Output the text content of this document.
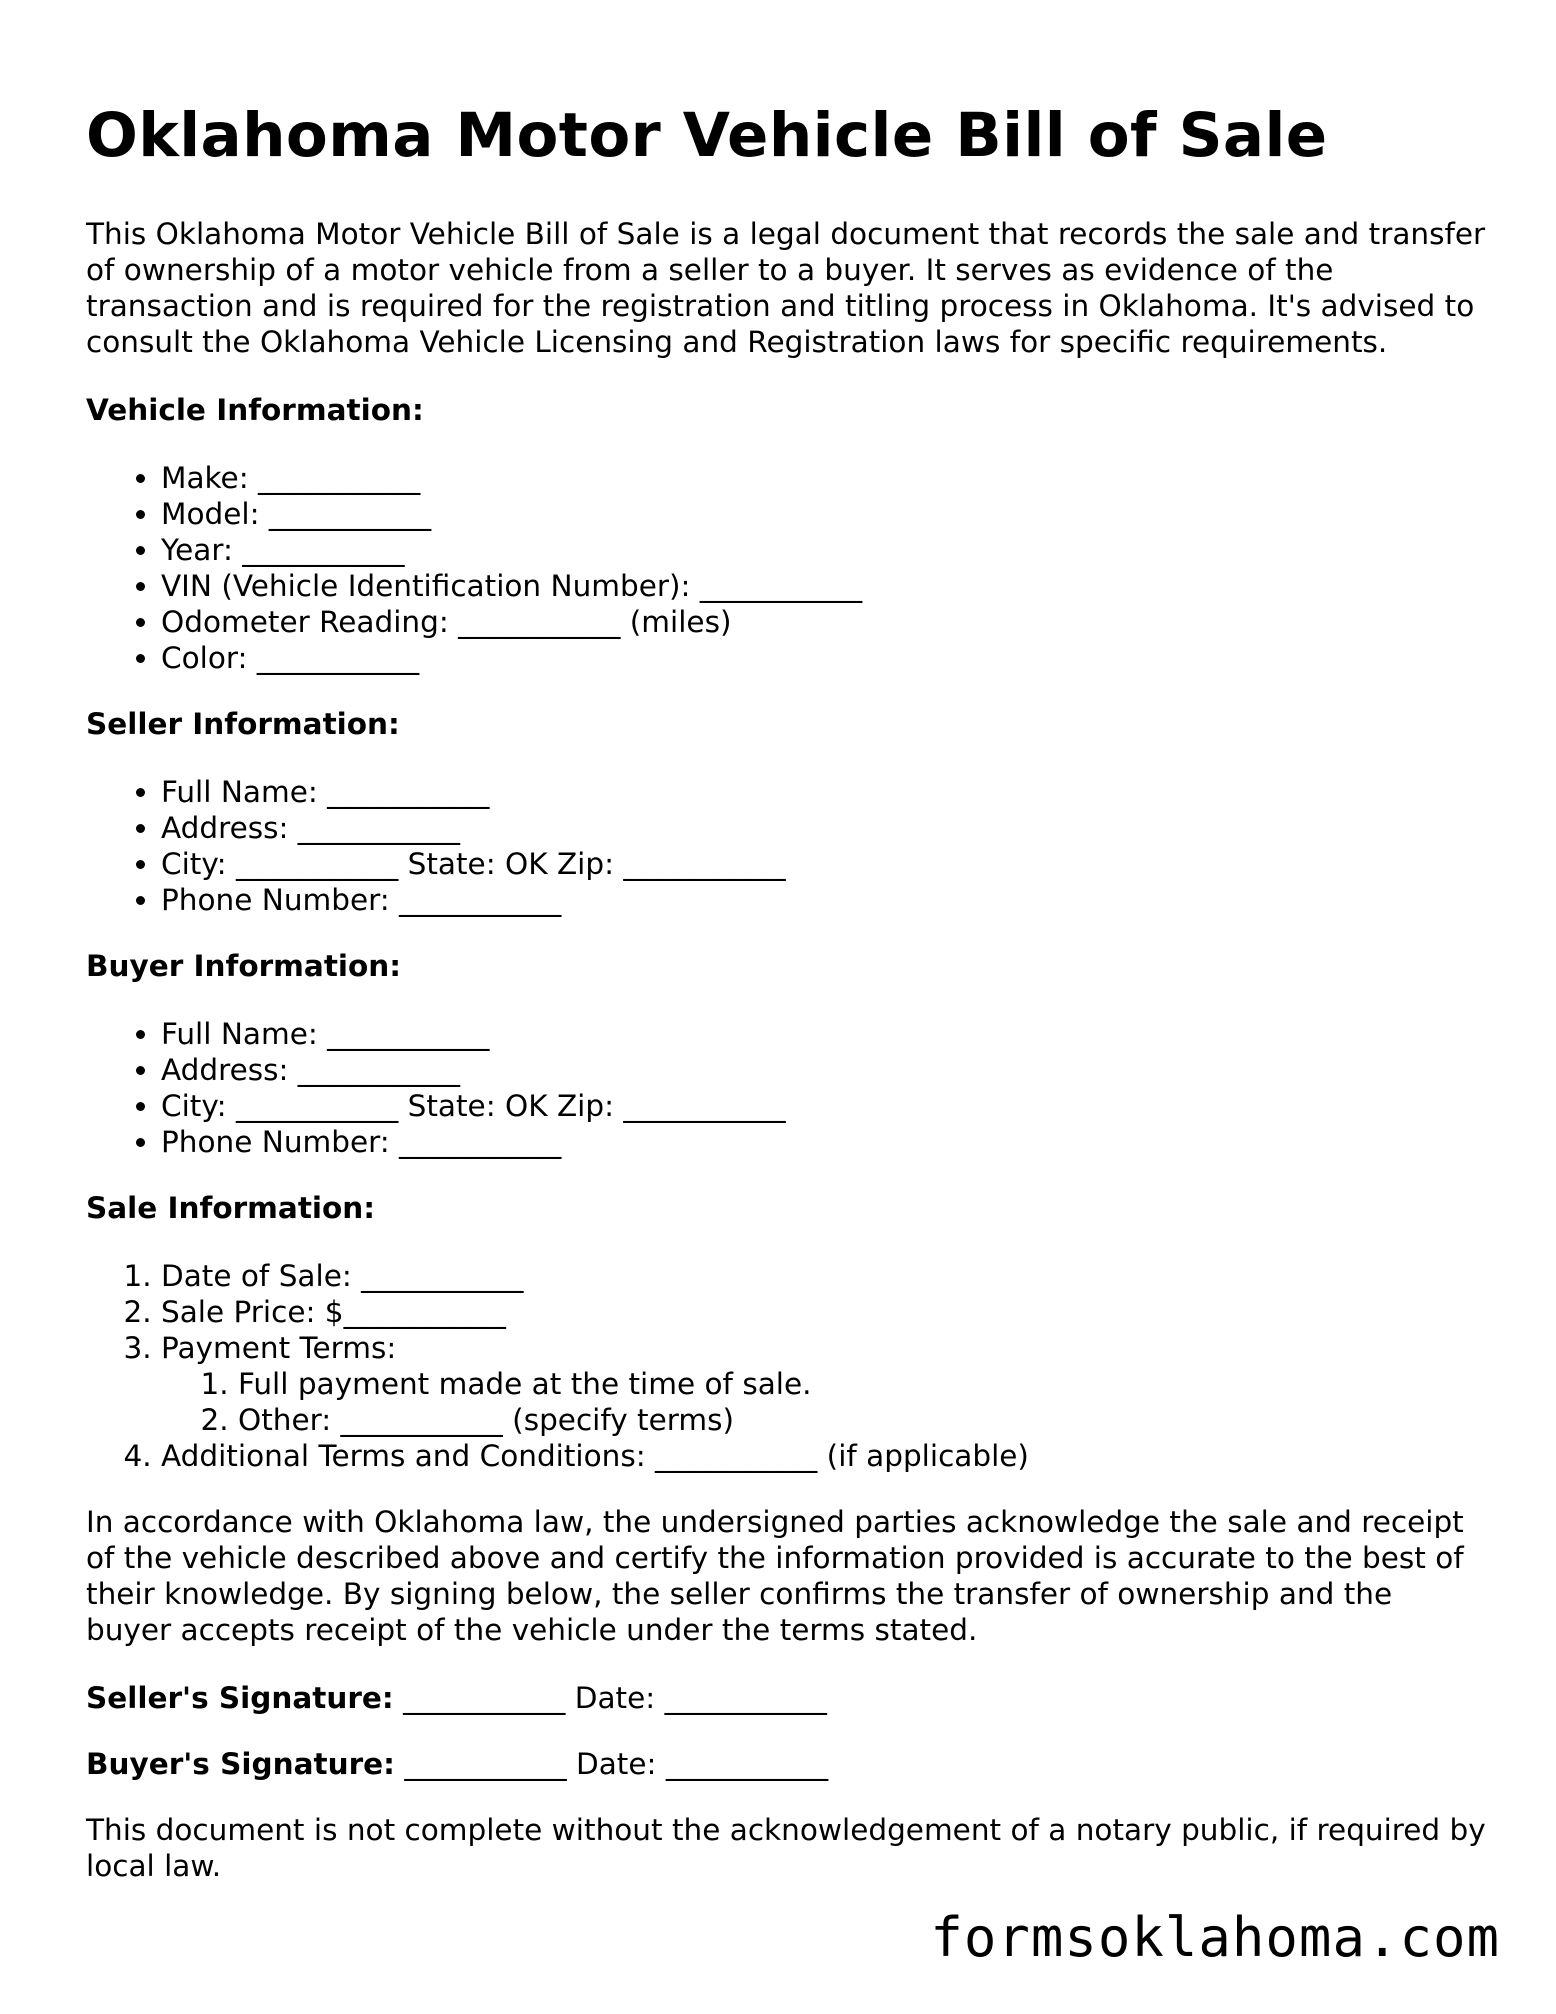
Oklahoma Motor Vehicle Bill of Sale

This Oklahoma Motor Vehicle Bill of Sale is a legal document that records the sale and transfer of ownership of a motor vehicle from a seller to a buyer. It serves as evidence of the transaction and is required for the registration and titling process in Oklahoma. It's advised to consult the Oklahoma Vehicle Licensing and Registration laws for specific requirements.

Vehicle Information:

• Make: ___________
• Model: ___________
• Year: ___________
• VIN (Vehicle Identification Number): ___________
• Odometer Reading: ___________ (miles)
• Color: ___________

Seller Information:

• Full Name: ___________
• Address: ___________
• City: ___________ State: OK Zip: ___________
• Phone Number: ___________

Buyer Information:

• Full Name: ___________
• Address: ___________
• City: ___________ State: OK Zip: ___________
• Phone Number: ___________

Sale Information:

1. Date of Sale: ___________
2. Sale Price: $___________
3. Payment Terms:
1. Full payment made at the time of sale.
2. Other: ___________ (specify terms)
4. Additional Terms and Conditions: ___________ (if applicable)

In accordance with Oklahoma law, the undersigned parties acknowledge the sale and receipt of the vehicle described above and certify the information provided is accurate to the best of their knowledge. By signing below, the seller confirms the transfer of ownership and the buyer accepts receipt of the vehicle under the terms stated.

Seller's Signature: ___________ Date: ___________

Buyer's Signature: ___________ Date: ___________

This document is not complete without the acknowledgement of a notary public, if required by local law.

formsoklahoma.com
